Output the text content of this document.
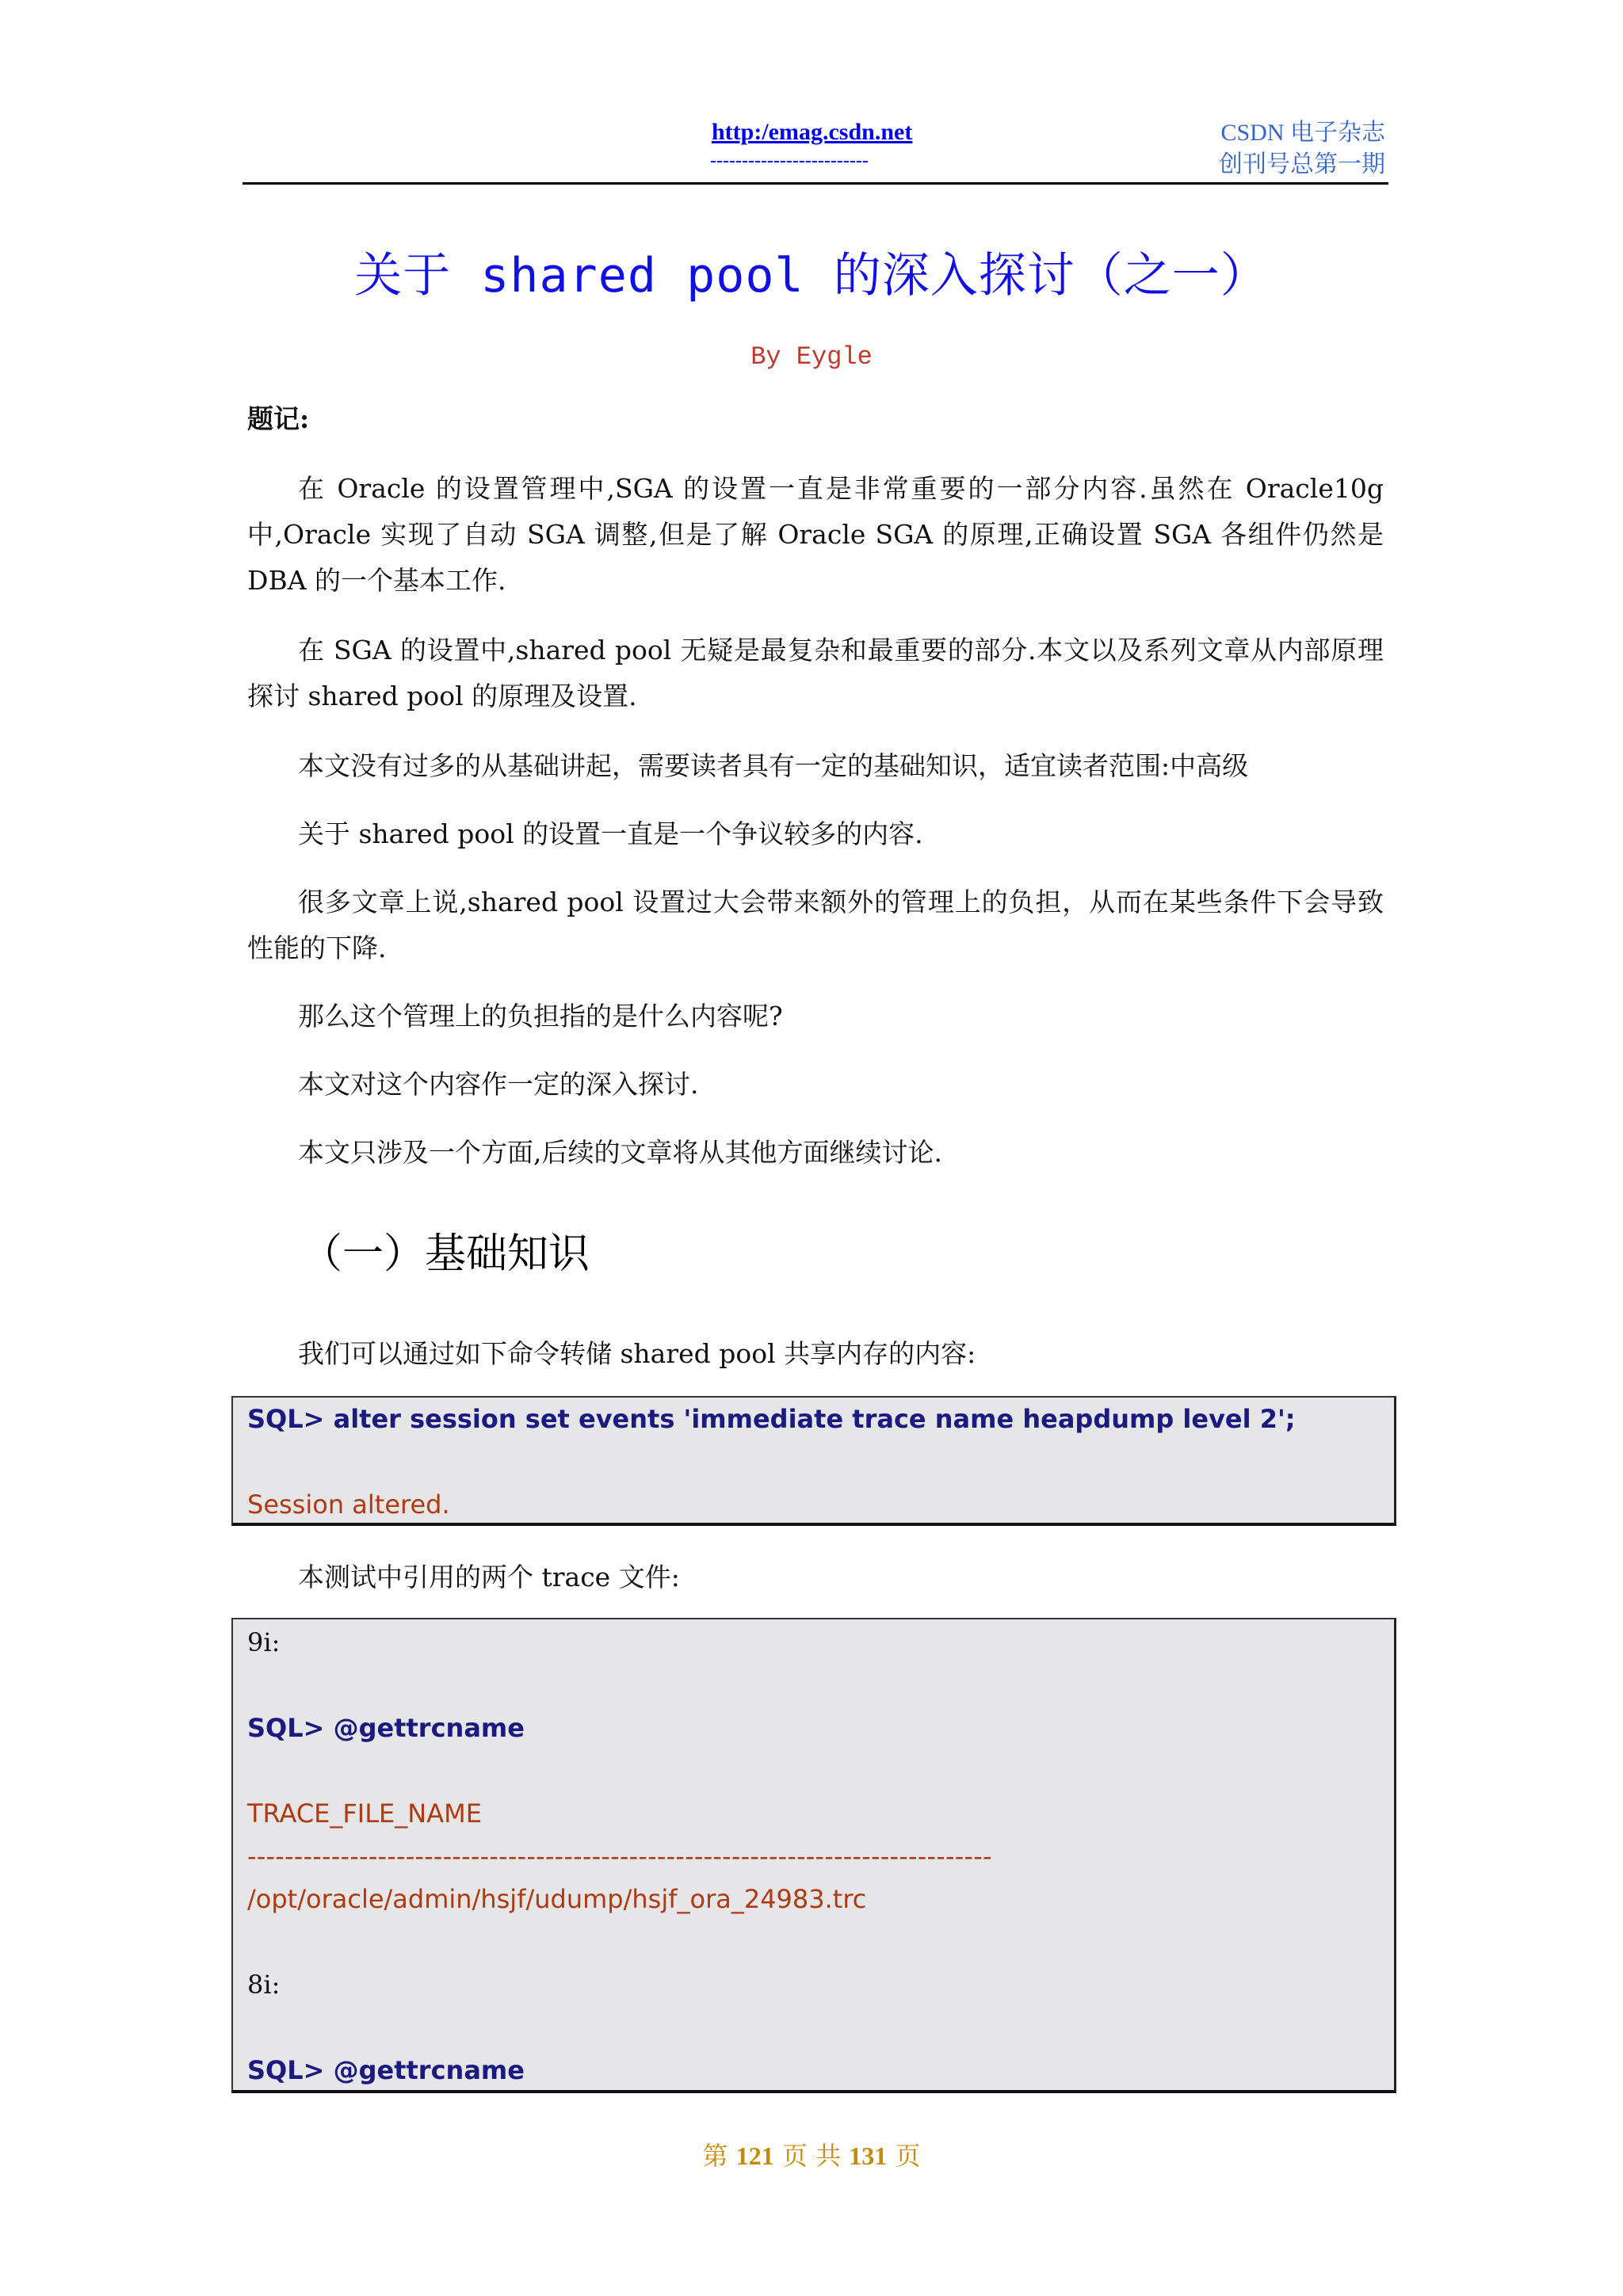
http:/emag.csdn.net
-------------------------
CSDN 电子杂志
创刊号总第一期
关于 shared pool 的深入探讨（之一）
By Eygle
题记:
在 Oracle 的设置管理中,SGA 的设置一直是非常重要的一部分内容.虽然在 Oracle10g 中,Oracle 实现了自动 SGA 调整,但是了解 Oracle SGA 的原理,正确设置 SGA 各组件仍然是 DBA 的一个基本工作.
在 SGA 的设置中,shared pool 无疑是最复杂和最重要的部分.本文以及系列文章从内部原理探讨 shared pool 的原理及设置.
本文没有过多的从基础讲起，需要读者具有一定的基础知识，适宜读者范围:中高级
关于 shared pool 的设置一直是一个争议较多的内容.
很多文章上说,shared pool 设置过大会带来额外的管理上的负担，从而在某些条件下会导致性能的下降.
那么这个管理上的负担指的是什么内容呢?
本文对这个内容作一定的深入探讨.
本文只涉及一个方面,后续的文章将从其他方面继续讨论.
（一）基础知识
我们可以通过如下命令转储 shared pool 共享内存的内容:
SQL> alter session set events 'immediate trace name heapdump level 2';
Session altered.
本测试中引用的两个 trace 文件:
9i:
SQL> @gettrcname
TRACE_FILE_NAME
--------------------------------------------------------------------------------
/opt/oracle/admin/hsjf/udump/hsjf_ora_24983.trc
8i:
SQL> @gettrcname
第 121 页 共 131 页
